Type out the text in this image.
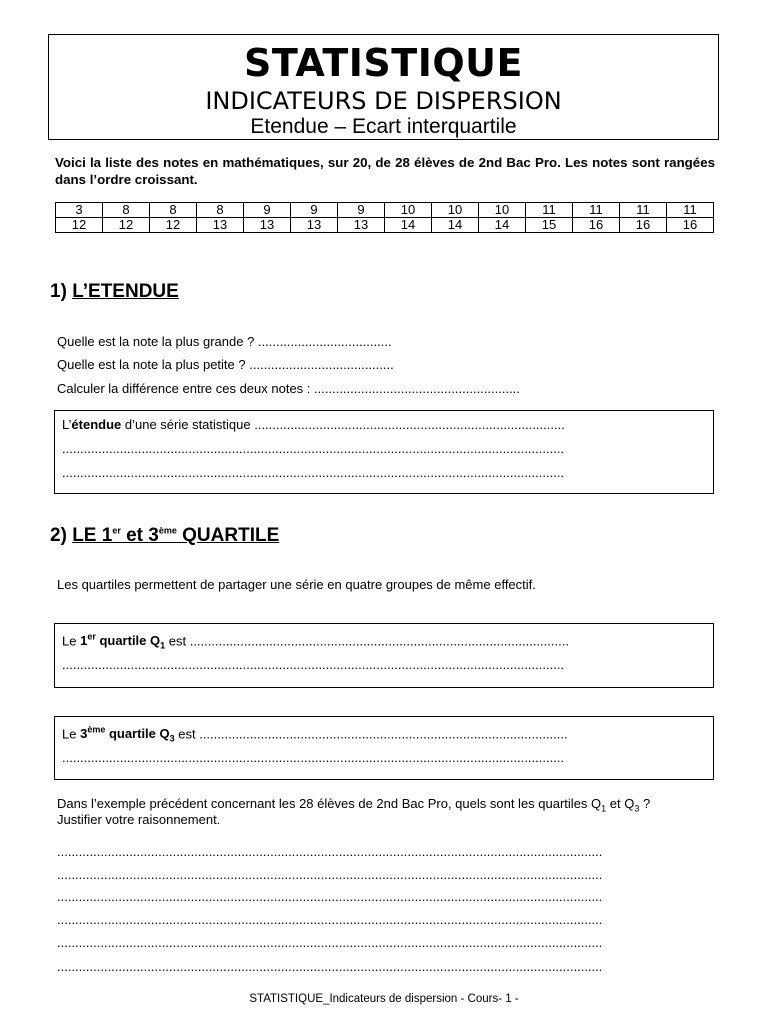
STATISTIQUE
INDICATEURS DE DISPERSION
Etendue – Ecart interquartile
Voici la liste des notes en mathématiques, sur 20, de 28 élèves de 2nd Bac Pro. Les notes sont rangées dans l’ordre croissant.
3	8	8	8	9	9	9	10	10	10	11	11	11	11
12	12	12	13	13	13	13	14	14	14	15	16	16	16
1) L’ETENDUE
Quelle est la note la plus grande ? .....................................
Quelle est la note la plus petite ? ........................................
Calculer la différence entre ces deux notes : .........................................................
L’étendue d’une série statistique ......................................................................................
...........................................................................................................................................
...........................................................................................................................................
2) LE 1er et 3ème QUARTILE
Les quartiles permettent de partager une série en quatre groupes de même effectif.
Le 1er quartile $Q_1$ est .........................................................................................................
...........................................................................................................................................
Le 3ème quartile $Q_3$ est ......................................................................................................
...........................................................................................................................................
Dans l’exemple précédent concernant les 28 élèves de 2nd Bac Pro, quels sont les quartiles $Q_1$ et $Q_3$ ?
Justifier votre raisonnement.
.......................................................................................................................................................
.......................................................................................................................................................
.......................................................................................................................................................
.......................................................................................................................................................
.......................................................................................................................................................
.......................................................................................................................................................
STATISTIQUE_Indicateurs de dispersion - Cours- 1 -
